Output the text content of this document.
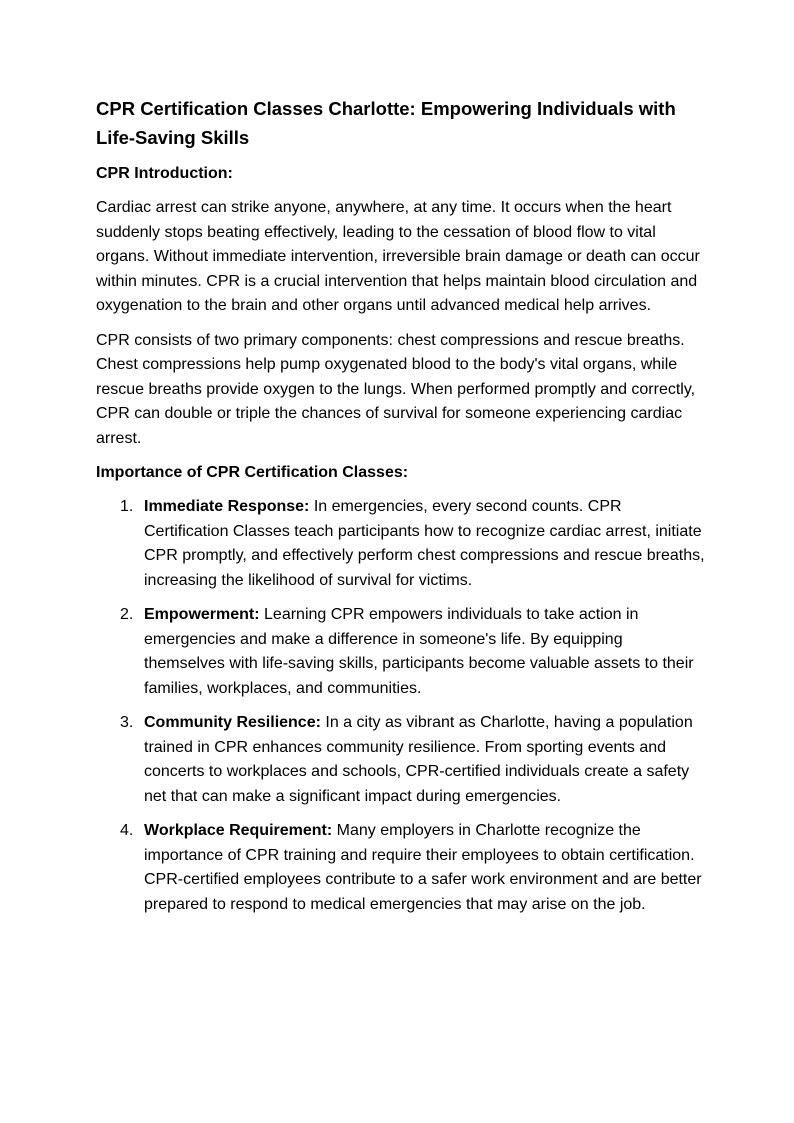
CPR Certification Classes Charlotte: Empowering Individuals with Life-Saving Skills
CPR Introduction:

Cardiac arrest can strike anyone, anywhere, at any time. It occurs when the heart suddenly stops beating effectively, leading to the cessation of blood flow to vital organs. Without immediate intervention, irreversible brain damage or death can occur within minutes. CPR is a crucial intervention that helps maintain blood circulation and oxygenation to the brain and other organs until advanced medical help arrives.

CPR consists of two primary components: chest compressions and rescue breaths. Chest compressions help pump oxygenated blood to the body's vital organs, while rescue breaths provide oxygen to the lungs. When performed promptly and correctly, CPR can double or triple the chances of survival for someone experiencing cardiac arrest.

Importance of CPR Certification Classes:
1. Immediate Response: In emergencies, every second counts. CPR Certification Classes teach participants how to recognize cardiac arrest, initiate CPR promptly, and effectively perform chest compressions and rescue breaths, increasing the likelihood of survival for victims.
2. Empowerment: Learning CPR empowers individuals to take action in emergencies and make a difference in someone's life. By equipping themselves with life-saving skills, participants become valuable assets to their families, workplaces, and communities.
3. Community Resilience: In a city as vibrant as Charlotte, having a population trained in CPR enhances community resilience. From sporting events and concerts to workplaces and schools, CPR-certified individuals create a safety net that can make a significant impact during emergencies.
4. Workplace Requirement: Many employers in Charlotte recognize the importance of CPR training and require their employees to obtain certification. CPR-certified employees contribute to a safer work environment and are better prepared to respond to medical emergencies that may arise on the job.
